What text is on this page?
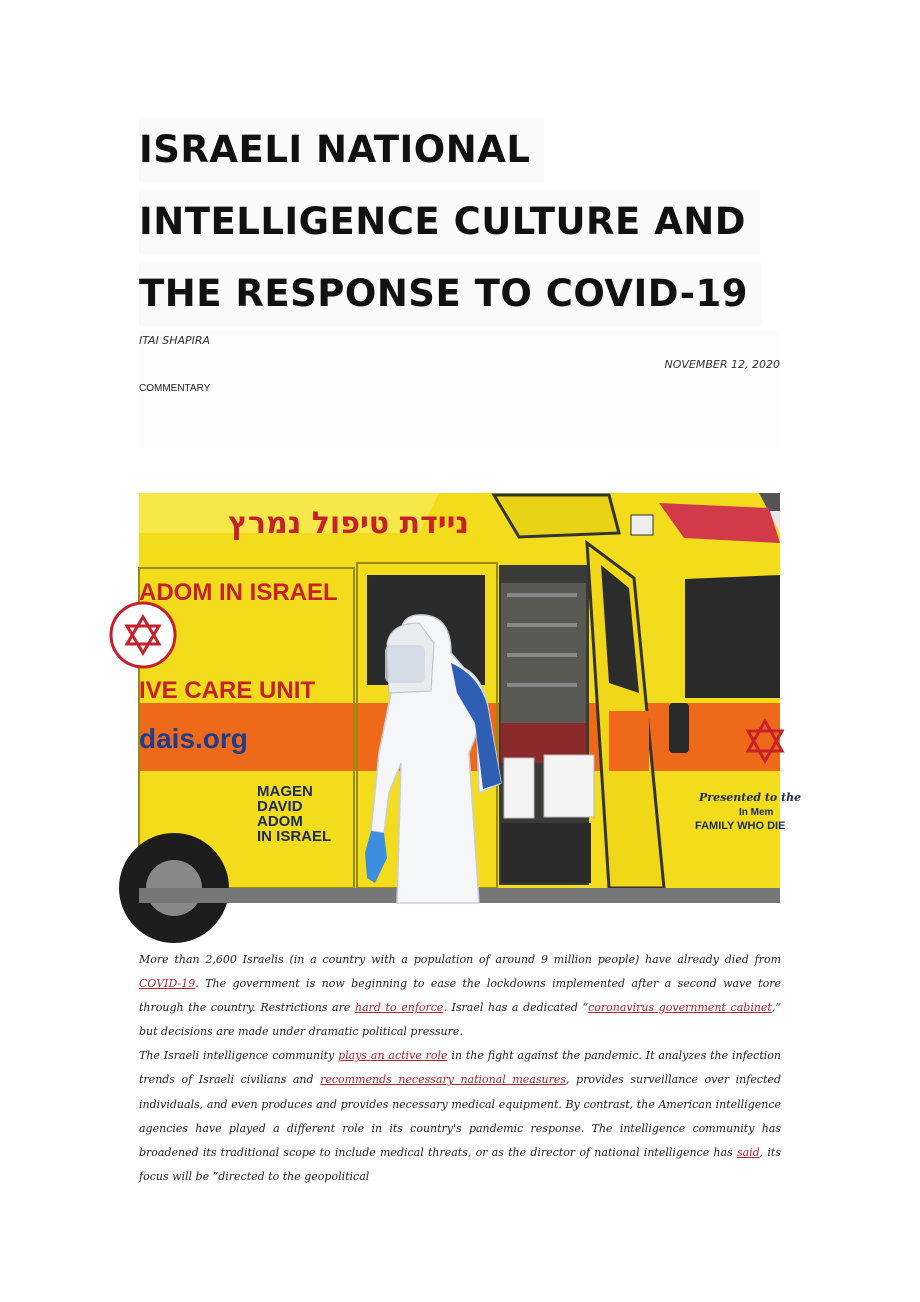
ISRAELI NATIONAL
INTELLIGENCE CULTURE AND
THE RESPONSE TO COVID-19
ITAI SHAPIRA
NOVEMBER 12, 2020
COMMENTARY
ניידת טיפול נמרץ
ADOM IN ISRAEL
IVE CARE UNIT
dais.org
MAGEN
DAVID
ADOM
IN ISRAEL
Presented to the
In Mem
FAMILY WHO DIE

More than 2,600 Israelis (in a country with a population of around 9 million people) have already died from COVID-19. The government is now beginning to ease the lockdowns implemented after a second wave tore through the country. Restrictions are hard to enforce. Israel has a dedicated “coronavirus government cabinet,” but decisions are made under dramatic political pressure.

The Israeli intelligence community plays an active role in the fight against the pandemic. It analyzes the infection trends of Israeli civilians and recommends necessary national measures, provides surveillance over infected individuals, and even produces and provides necessary medical equipment. By contrast, the American intelligence agencies have played a different role in its country's pandemic response. The intelligence community has broadened its traditional scope to include medical threats, or as the director of national intelligence has said, its focus will be “directed to the geopolitical
